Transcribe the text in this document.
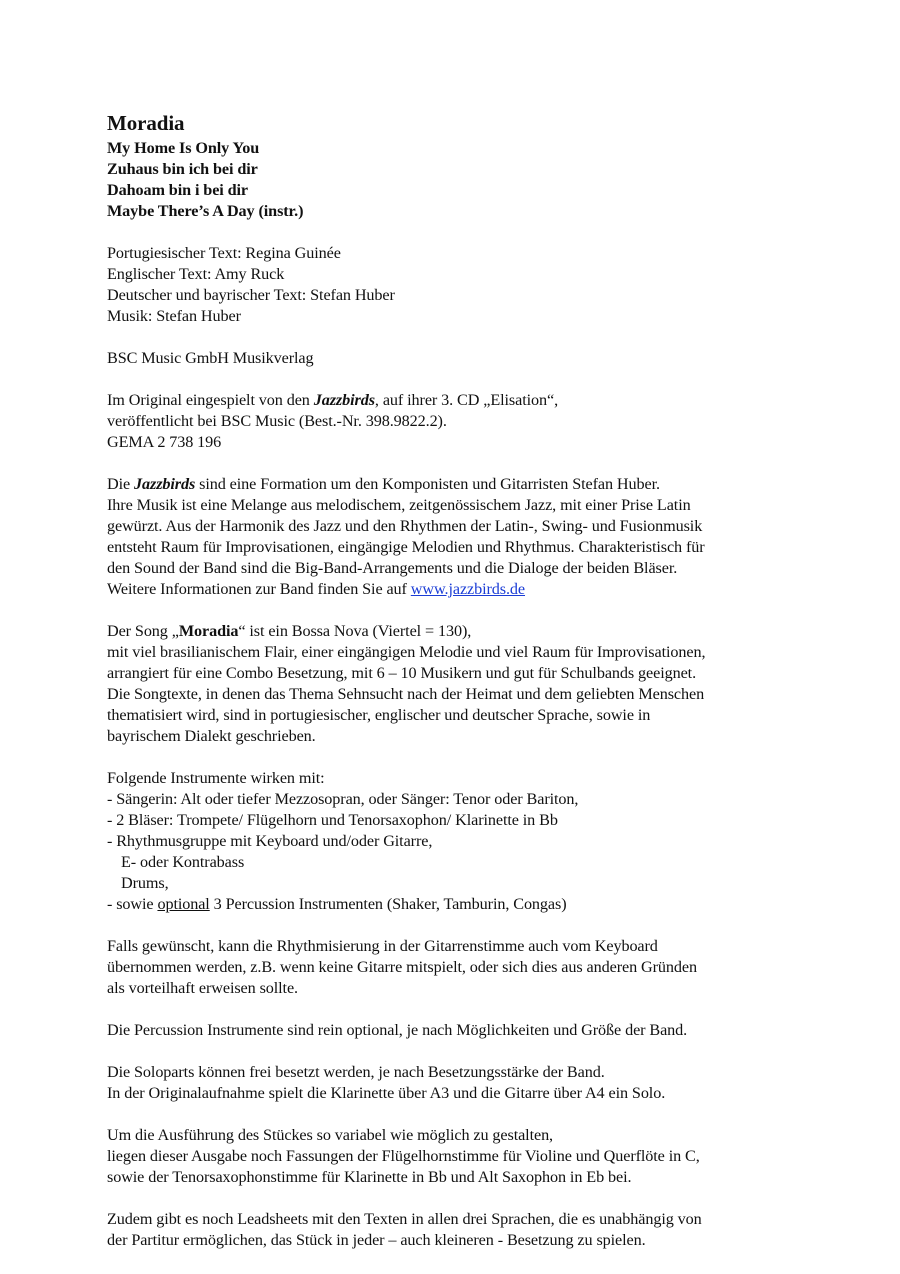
Moradia
My Home Is Only You
Zuhaus bin ich bei dir
Dahoam bin i bei dir
Maybe There’s A Day (instr.)
Portugiesischer Text: Regina Guinée
Englischer Text: Amy Ruck
Deutscher und bayrischer Text: Stefan Huber
Musik: Stefan Huber
BSC Music GmbH Musikverlag
Im Original eingespielt von den Jazzbirds, auf ihrer 3. CD „Elisation“,
veröffentlicht bei BSC Music (Best.-Nr. 398.9822.2).
GEMA 2 738 196
Die Jazzbirds sind eine Formation um den Komponisten und Gitarristen Stefan Huber.
Ihre Musik ist eine Melange aus melodischem, zeitgenössischem Jazz, mit einer Prise Latin
gewürzt. Aus der Harmonik des Jazz und den Rhythmen der Latin-, Swing- und Fusionmusik
entsteht Raum für Improvisationen, eingängige Melodien und Rhythmus. Charakteristisch für
den Sound der Band sind die Big-Band-Arrangements und die Dialoge der beiden Bläser.
Weitere Informationen zur Band finden Sie auf www.jazzbirds.de
Der Song „Moradia“ ist ein Bossa Nova (Viertel = 130),
mit viel brasilianischem Flair, einer eingängigen Melodie und viel Raum für Improvisationen,
arrangiert für eine Combo Besetzung, mit 6 – 10 Musikern und gut für Schulbands geeignet.
Die Songtexte, in denen das Thema Sehnsucht nach der Heimat und dem geliebten Menschen
thematisiert wird, sind in portugiesischer, englischer und deutscher Sprache, sowie in
bayrischem Dialekt geschrieben.
Folgende Instrumente wirken mit:
- Sängerin: Alt oder tiefer Mezzosopran, oder Sänger: Tenor oder Bariton,
- 2 Bläser: Trompete/ Flügelhorn und Tenorsaxophon/ Klarinette in Bb
- Rhythmusgruppe mit Keyboard und/oder Gitarre,
E- oder Kontrabass
Drums,
- sowie optional 3 Percussion Instrumenten (Shaker, Tamburin, Congas)
Falls gewünscht, kann die Rhythmisierung in der Gitarrenstimme auch vom Keyboard
übernommen werden, z.B. wenn keine Gitarre mitspielt, oder sich dies aus anderen Gründen
als vorteilhaft erweisen sollte.
Die Percussion Instrumente sind rein optional, je nach Möglichkeiten und Größe der Band.
Die Soloparts können frei besetzt werden, je nach Besetzungsstärke der Band.
In der Originalaufnahme spielt die Klarinette über A3 und die Gitarre über A4 ein Solo.
Um die Ausführung des Stückes so variabel wie möglich zu gestalten,
liegen dieser Ausgabe noch Fassungen der Flügelhornstimme für Violine und Querflöte in C,
sowie der Tenorsaxophonstimme für Klarinette in Bb und Alt Saxophon in Eb bei.
Zudem gibt es noch Leadsheets mit den Texten in allen drei Sprachen, die es unabhängig von
der Partitur ermöglichen, das Stück in jeder – auch kleineren - Besetzung zu spielen.
